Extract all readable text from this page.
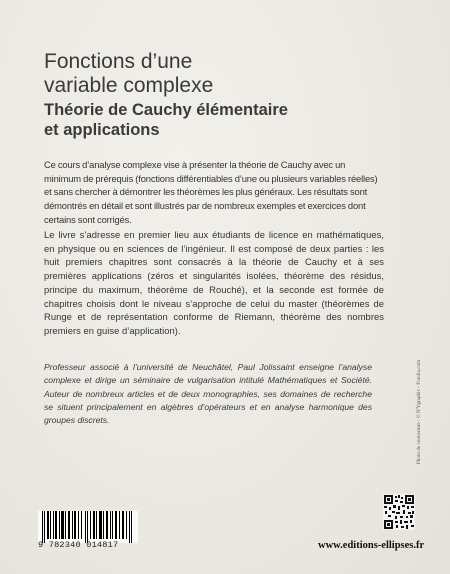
Fonctions d’une
variable complexe
Théorie de Cauchy élémentaire
et applications

Ce cours d’analyse complexe vise à présenter la théorie de Cauchy avec un minimum de prérequis (fonctions différentiables d’une ou plusieurs variables réelles) et sans chercher à démontrer les théorèmes les plus généraux. Les résultats sont démontrés en détail et sont illustrés par de nombreux exemples et exercices dont certains sont corrigés.

Le livre s’adresse en premier lieu aux étudiants de licence en mathématiques, en physique ou en sciences de l’ingénieur. Il est composé de deux parties : les huit premiers chapitres sont consacrés à la théorie de Cauchy et à ses premières applications (zéros et singularités isolées, théorème des résidus, principe du maximum, théorème de Rouché), et la seconde est formée de chapitres choisis dont le niveau s’approche de celui du master (théorèmes de Runge et de représentation conforme de Riemann, théorème des nombres premiers en guise d’application).

Professeur associé à l’université de Neuchâtel, Paul Jolissaint enseigne l’analyse complexe et dirige un séminaire de vulgarisation intitulé Mathématiques et Société. Auteur de nombreux articles et de deux monographies, ses domaines de recherche se situent principalement en algèbres d’opérateurs et en analyse harmonique des groupes discrets.	Photo de couverture : © N'Ygraphic - Fotolia.com
9 782340 014817	www.editions-ellipses.fr
